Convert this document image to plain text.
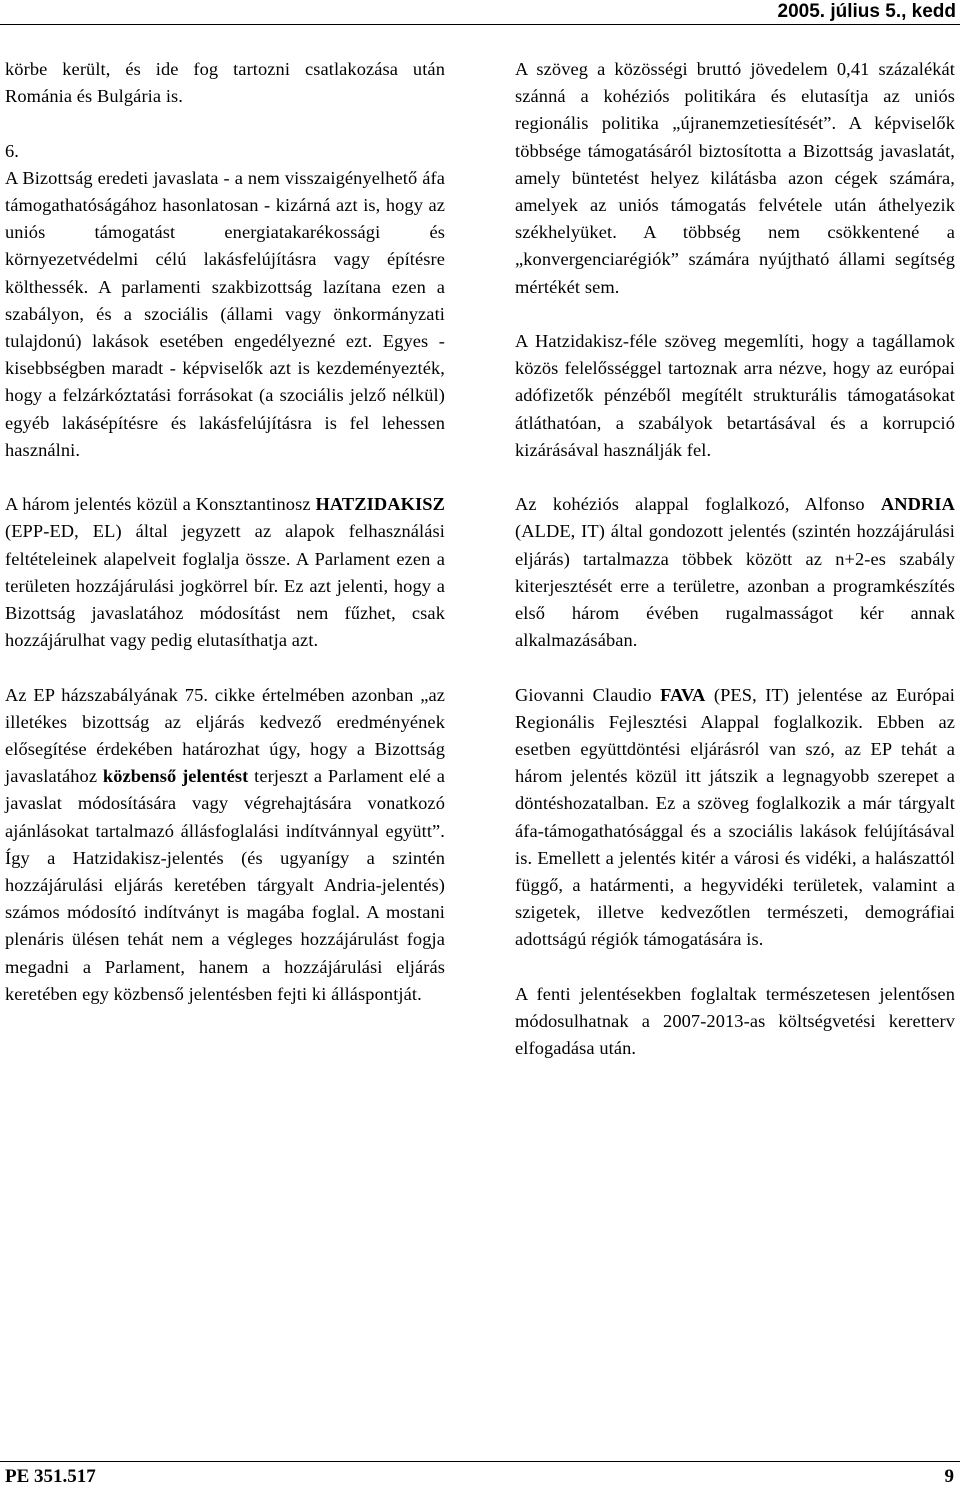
2005. július 5., kedd

körbe került, és ide fog tartozni csatlakozása után Románia és Bulgária is.

6.

A Bizottság eredeti javaslata - a nem visszaigényelhető áfa támogathatóságához hasonlatosan - kizárná azt is, hogy az uniós támogatást energiatakarékossági és környezetvédelmi célú lakásfelújításra vagy építésre költhessék. A parlamenti szakbizottság lazítana ezen a szabályon, és a szociális (állami vagy önkormányzati tulajdonú) lakások esetében engedélyezné ezt. Egyes - kisebbségben maradt - képviselők azt is kezdeményezték, hogy a felzárkóztatási forrásokat (a szociális jelző nélkül) egyéb lakásépítésre és lakásfelújításra is fel lehessen használni.

A három jelentés közül a Konsztantinosz HATZIDAKISZ (EPP-ED, EL) által jegyzett az alapok felhasználási feltételeinek alapelveit foglalja össze. A Parlament ezen a területen hozzájárulási jogkörrel bír. Ez azt jelenti, hogy a Bizottság javaslatához módosítást nem fűzhet, csak hozzájárulhat vagy pedig elutasíthatja azt.

Az EP házszabályának 75. cikke értelmében azonban „az illetékes bizottság az eljárás kedvező eredményének elősegítése érdekében határozhat úgy, hogy a Bizottság javaslatához közbenső jelentést terjeszt a Parlament elé a javaslat módosítására vagy végrehajtására vonatkozó ajánlásokat tartalmazó állásfoglalási indítvánnyal együtt”. Így a Hatzidakisz-jelentés (és ugyanígy a szintén hozzájárulási eljárás keretében tárgyalt Andria-jelentés) számos módosító indítványt is magába foglal. A mostani plenáris ülésen tehát nem a végleges hozzájárulást fogja megadni a Parlament, hanem a hozzájárulási eljárás keretében egy közbenső jelentésben fejti ki álláspontját.

A szöveg a közösségi bruttó jövedelem 0,41 százalékát szánná a kohéziós politikára és elutasítja az uniós regionális politika „újranemzetiesítését”. A képviselők többsége támogatásáról biztosította a Bizottság javaslatát, amely büntetést helyez kilátásba azon cégek számára, amelyek az uniós támogatás felvétele után áthelyezik székhelyüket. A többség nem csökkentené a „konvergenciarégiók” számára nyújtható állami segítség mértékét sem.

A Hatzidakisz-féle szöveg megemlíti, hogy a tagállamok közös felelősséggel tartoznak arra nézve, hogy az európai adófizetők pénzéből megítélt strukturális támogatásokat átláthatóan, a szabályok betartásával és a korrupció kizárásával használják fel.

Az kohéziós alappal foglalkozó, Alfonso ANDRIA (ALDE, IT) által gondozott jelentés (szintén hozzájárulási eljárás) tartalmazza többek között az n+2-es szabály kiterjesztését erre a területre, azonban a programkészítés első három évében rugalmasságot kér annak alkalmazásában.

Giovanni Claudio FAVA (PES, IT) jelentése az Európai Regionális Fejlesztési Alappal foglalkozik. Ebben az esetben együttdöntési eljárásról van szó, az EP tehát a három jelentés közül itt játszik a legnagyobb szerepet a döntéshozatalban. Ez a szöveg foglalkozik a már tárgyalt áfa-támogathatósággal és a szociális lakások felújításával is. Emellett a jelentés kitér a városi és vidéki, a halászattól függő, a határmenti, a hegyvidéki területek, valamint a szigetek, illetve kedvezőtlen természeti, demográfiai adottságú régiók támogatására is.

A fenti jelentésekben foglaltak természetesen jelentősen módosulhatnak a 2007-2013-as költségvetési keretterv elfogadása után.

PE 351.517	9
